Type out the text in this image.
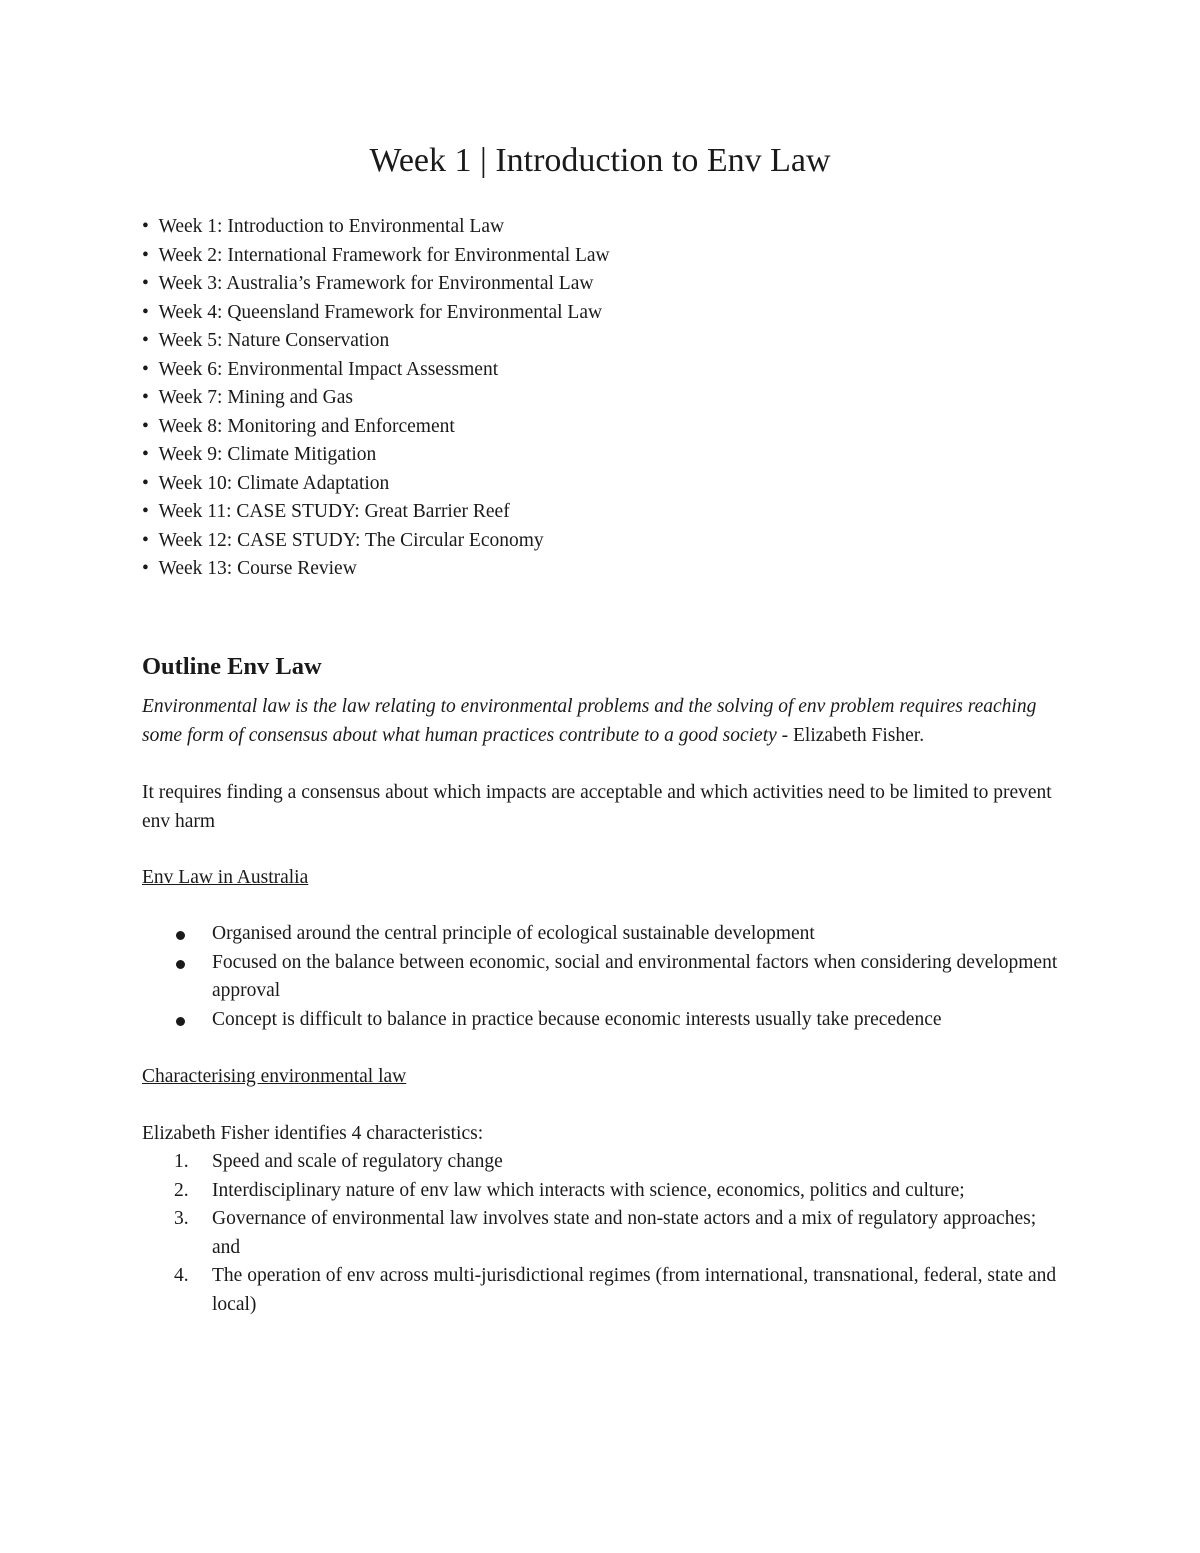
Week 1 | Introduction to Env Law
• Week 1: Introduction to Environmental Law
• Week 2: International Framework for Environmental Law
• Week 3: Australia’s Framework for Environmental Law
• Week 4: Queensland Framework for Environmental Law
• Week 5: Nature Conservation
• Week 6: Environmental Impact Assessment
• Week 7: Mining and Gas
• Week 8: Monitoring and Enforcement
• Week 9: Climate Mitigation
• Week 10: Climate Adaptation
• Week 11: CASE STUDY: Great Barrier Reef
• Week 12: CASE STUDY: The Circular Economy
• Week 13: Course Review
Outline Env Law

Environmental law is the law relating to environmental problems and the solving of env problem requires reaching some form of consensus about what human practices contribute to a good society - Elizabeth Fisher.

It requires finding a consensus about which impacts are acceptable and which activities need to be limited to prevent env harm

Env Law in Australia
Organised around the central principle of ecological sustainable development
Focused on the balance between economic, social and environmental factors when considering development approval
Concept is difficult to balance in practice because economic interests usually take precedence
Characterising environmental law

Elizabeth Fisher identifies 4 characteristics:

1. Speed and scale of regulatory change
2. Interdisciplinary nature of env law which interacts with science, economics, politics and culture;
3. Governance of environmental law involves state and non-state actors and a mix of regulatory approaches; and
4. The operation of env across multi-jurisdictional regimes (from international, transnational, federal, state and local)
